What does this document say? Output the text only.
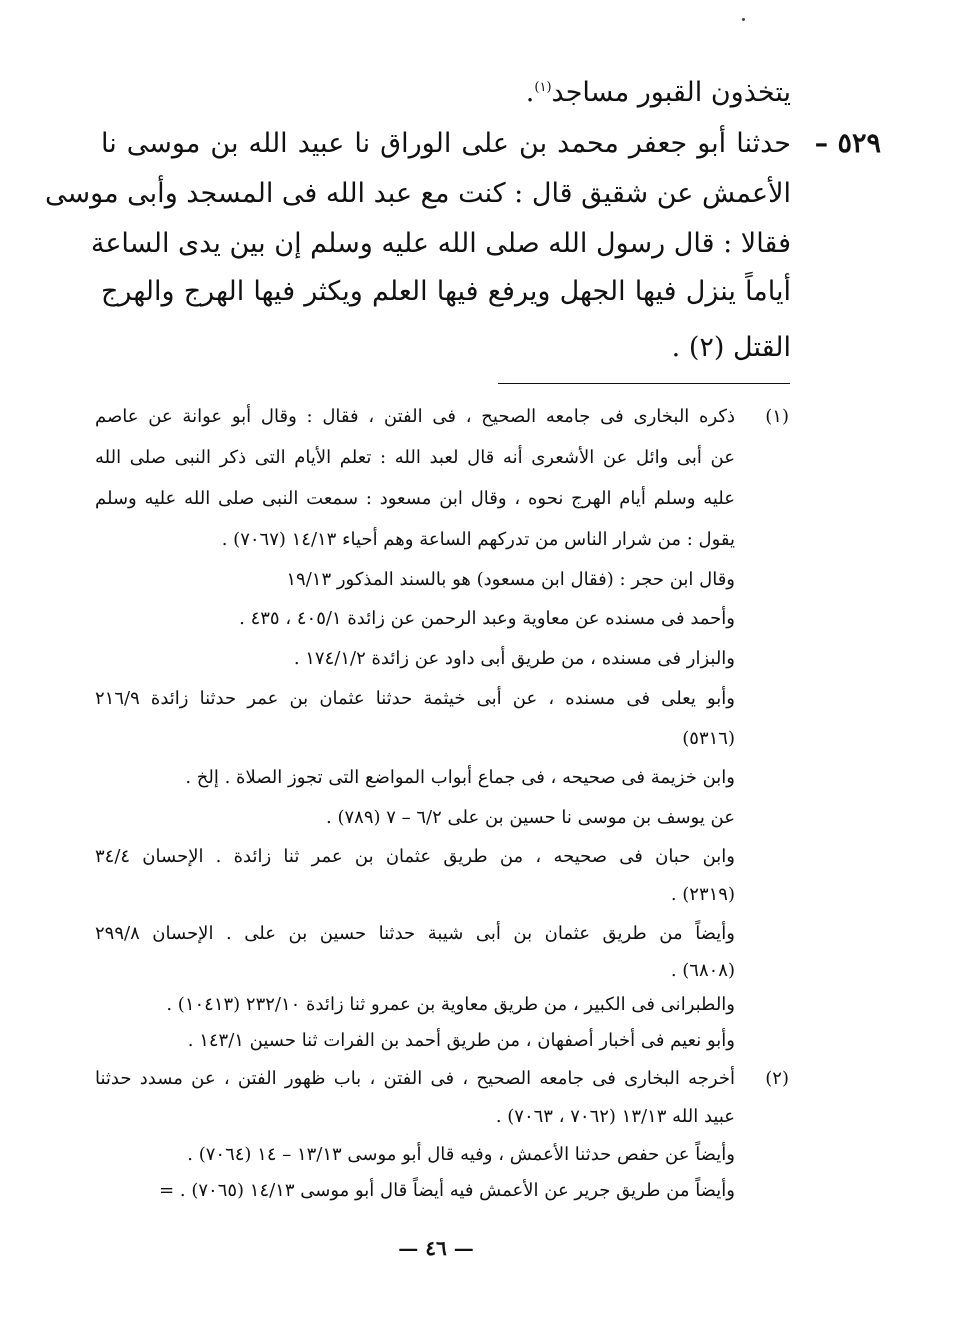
يتخذون القبور مساجد$^{(١)}$.
٥٢٩ –
حدثنا أبو جعفر محمد بن على الوراق نا عبيد الله بن موسى نا
الأعمش عن شقيق قال : كنت مع عبد الله فى المسجد وأبى موسى
فقالا : قال رسول الله صلى الله عليه وسلم إن بين يدى الساعة
أياماً ينزل فيها الجهل ويرفع فيها العلم ويكثر فيها الهرج والهرج
القتل (٢) .
(١)
(٢)
ذكره البخارى فى جامعه الصحيح ، فى الفتن ، فقال : وقال أبو عوانة عن عاصم
عن أبى وائل عن الأشعرى أنه قال لعبد الله : تعلم الأيام التى ذكر النبى صلى الله
عليه وسلم أيام الهرج نحوه ، وقال ابن مسعود : سمعت النبى صلى الله عليه وسلم
يقول : من شرار الناس من تدركهم الساعة وهم أحياء ١٤/١٣ (٧٠٦٧) .
وقال ابن حجر : (فقال ابن مسعود) هو بالسند المذكور ١٩/١٣
وأحمد فى مسنده عن معاوية وعبد الرحمن عن زائدة ٤٠٥/١ ، ٤٣٥ .
والبزار فى مسنده ، من طريق أبى داود عن زائدة ١٧٤/١/٢ .
وأبو يعلى فى مسنده ، عن أبى خيثمة حدثنا عثمان بن عمر حدثنا زائدة ٢١٦/٩
(٥٣١٦)
وابن خزيمة فى صحيحه ، فى جماع أبواب المواضع التى تجوز الصلاة . إلخ .
عن يوسف بن موسى نا حسين بن على ٦/٢ – ٧ (٧٨٩) .
وابن حبان فى صحيحه ، من طريق عثمان بن عمر ثنا زائدة . الإحسان ٣٤/٤
(٢٣١٩) .
وأيضاً من طريق عثمان بن أبى شيبة حدثنا حسين بن على . الإحسان ٢٩٩/٨
(٦٨٠٨) .
والطبرانى فى الكبير ، من طريق معاوية بن عمرو ثنا زائدة ٢٣٢/١٠ (١٠٤١٣) .
وأبو نعيم فى أخبار أصفهان ، من طريق أحمد بن الفرات ثنا حسين ١٤٣/١ .
أخرجه البخارى فى جامعه الصحيح ، فى الفتن ، باب ظهور الفتن ، عن مسدد حدثنا
عبيد الله ١٣/١٣ (٧٠٦٢ ، ٧٠٦٣) .
وأيضاً عن حفص حدثنا الأعمش ، وفيه قال أبو موسى ١٣/١٣ – ١٤ (٧٠٦٤) .
وأيضاً من طريق جرير عن الأعمش فيه أيضاً قال أبو موسى ١٤/١٣ (٧٠٦٥) . =
— ٤٦ —
